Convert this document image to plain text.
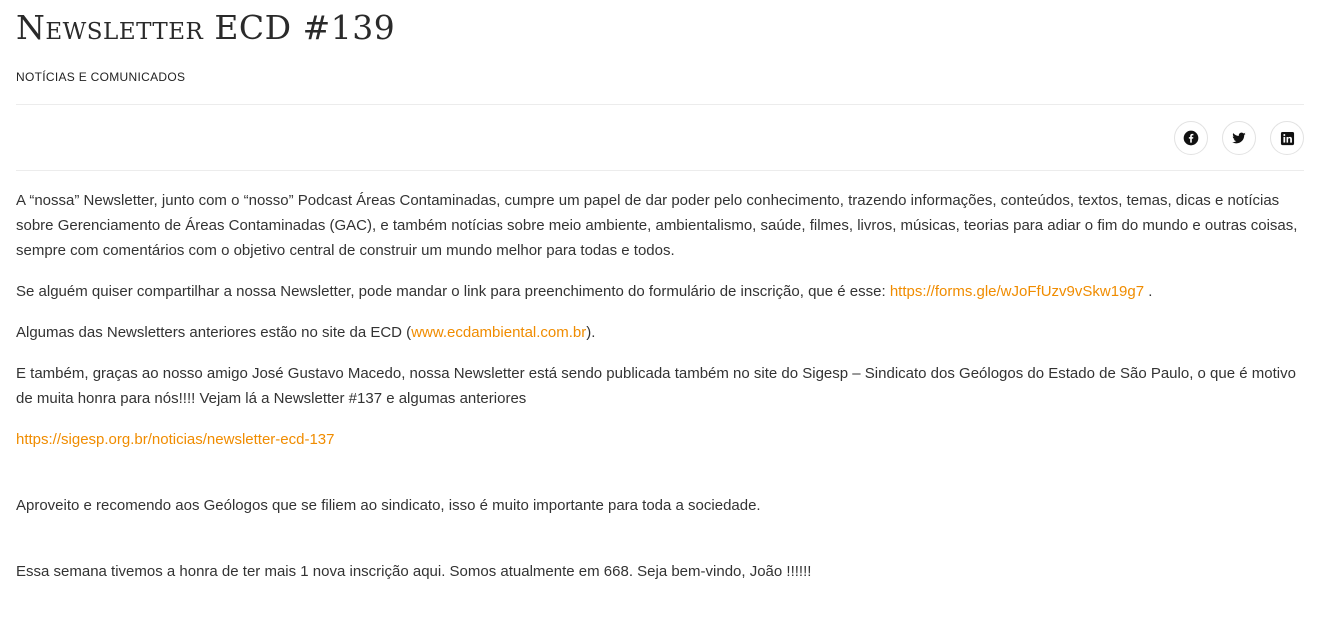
Newsletter ECD #139
NOTÍCIAS E COMUNICADOS

A “nossa” Newsletter, junto com o “nosso” Podcast Áreas Contaminadas, cumpre um papel de dar poder pelo conhecimento, trazendo informações, conteúdos, textos, temas, dicas e notícias sobre Gerenciamento de Áreas Contaminadas (GAC), e também notícias sobre meio ambiente, ambientalismo, saúde, filmes, livros, músicas, teorias para adiar o fim do mundo e outras coisas, sempre com comentários com o objetivo central de construir um mundo melhor para todas e todos.

Se alguém quiser compartilhar a nossa Newsletter, pode mandar o link para preenchimento do formulário de inscrição, que é esse: https://forms.gle/wJoFfUzv9vSkw19g7 .

Algumas das Newsletters anteriores estão no site da ECD (www.ecdambiental.com.br).

E também, graças ao nosso amigo José Gustavo Macedo, nossa Newsletter está sendo publicada também no site do Sigesp – Sindicato dos Geólogos do Estado de São Paulo, o que é motivo de muita honra para nós!!!! Vejam lá a Newsletter #137 e algumas anteriores

https://sigesp.org.br/noticias/newsletter-ecd-137

Aproveito e recomendo aos Geólogos que se filiem ao sindicato, isso é muito importante para toda a sociedade.

Essa semana tivemos a honra de ter mais 1 nova inscrição aqui. Somos atualmente em 668. Seja bem-vindo, João !!!!!!
